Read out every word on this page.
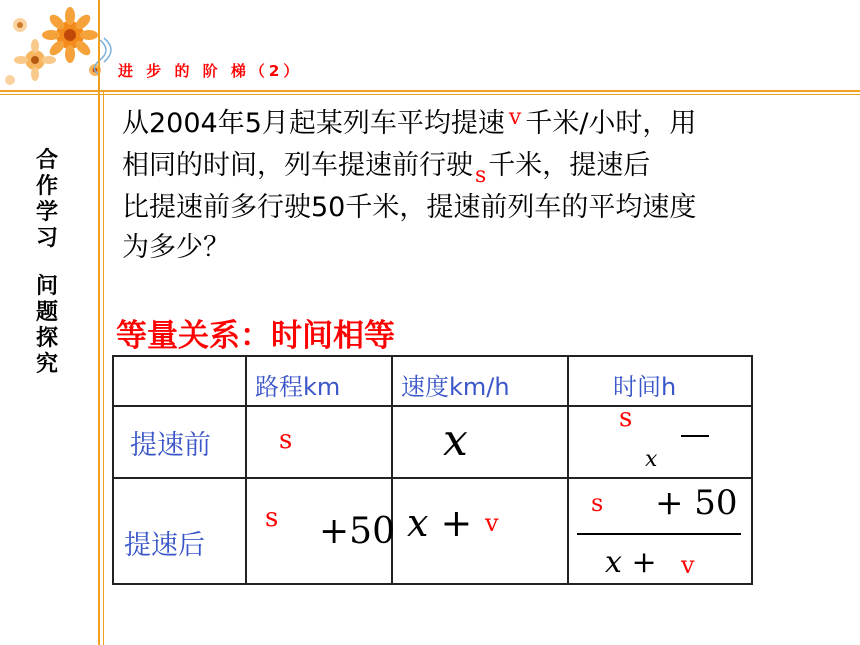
进 步 的 阶 梯（2）
合
作
学
习
问
题
探
究
从2004年5月起某列车平均提速 $^v$ 千米/小时，用
相同的时间，列车提速前行驶$_s$千米，提速后
比提速前多行驶50千米，提速前列车的平均速度
为多少？
等量关系：时间相等

	路程km	速度km/h	时间h

提速前	s	x	s
x

提速后	s +50	x + v	s + 50
x + v
